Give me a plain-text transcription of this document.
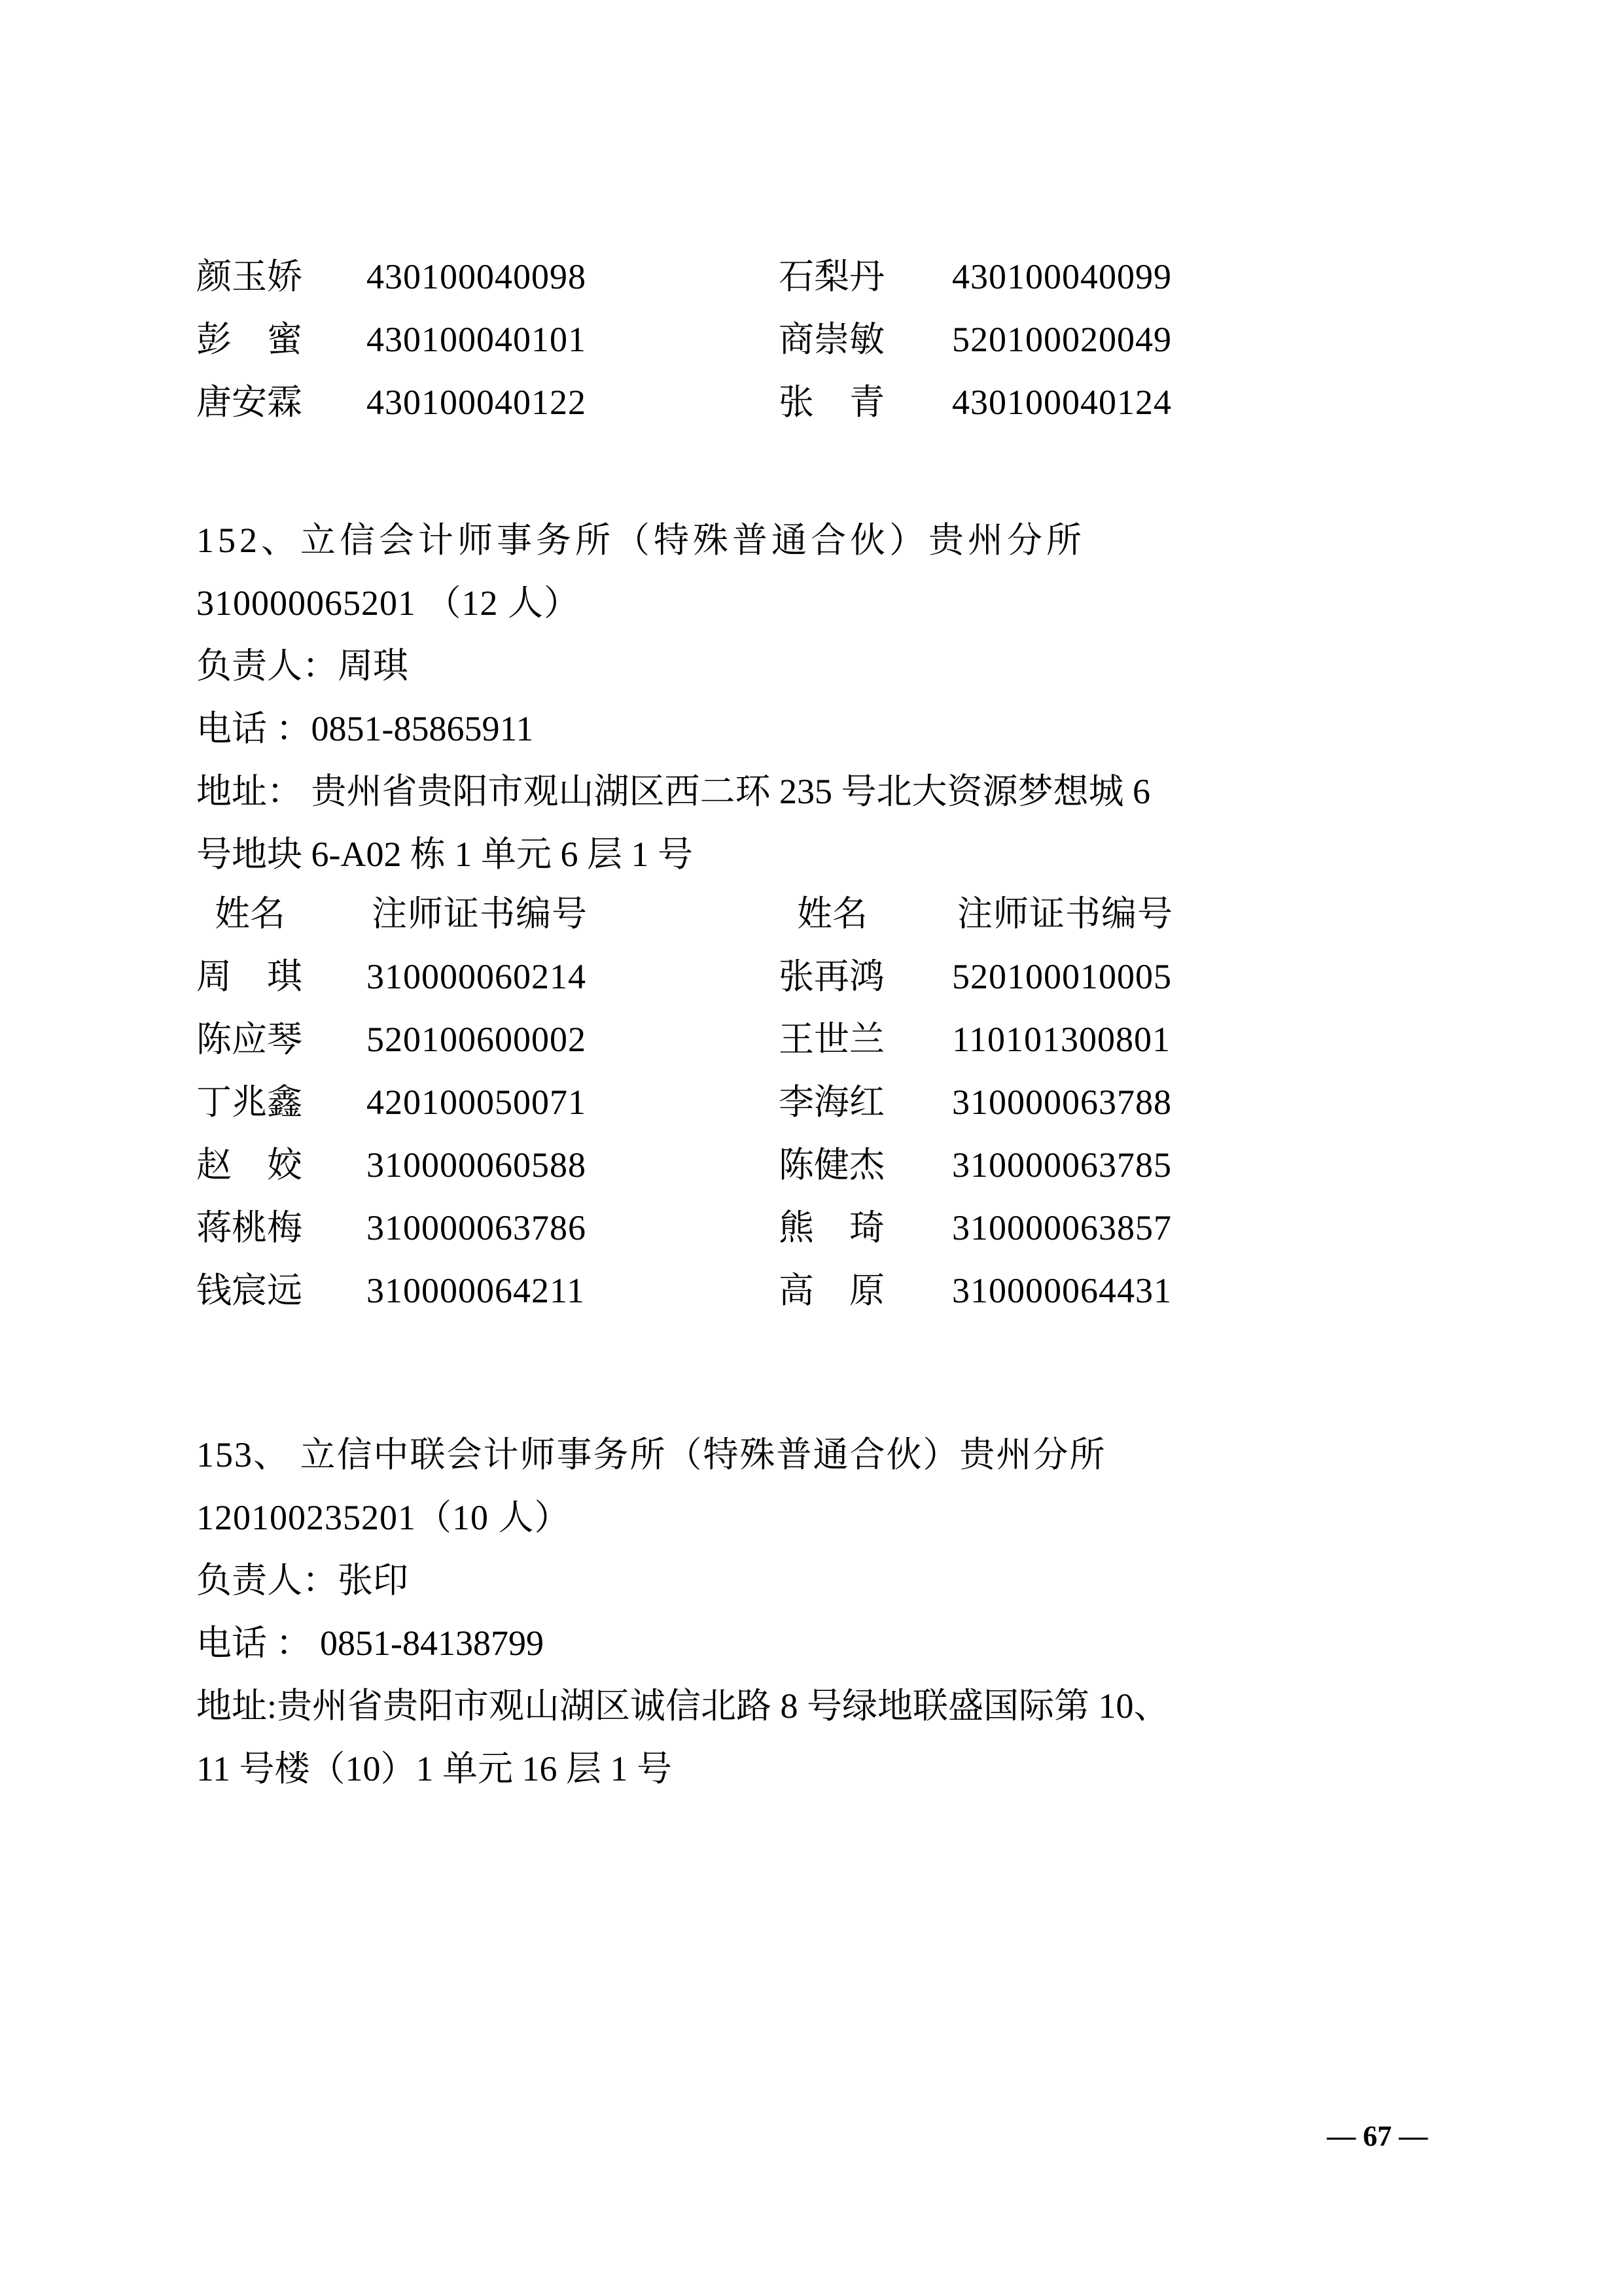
颜玉娇	430100040098	石梨丹	430100040099
彭　蜜	430100040101	商崇敏	520100020049
唐安霖	430100040122	张　青	430100040124
152、立信会计师事务所（特殊普通合伙）贵州分所
310000065201 （12 人）
负责人：周琪
电话 ：0851-85865911
地址： 贵州省贵阳市观山湖区西二环 235 号北大资源梦想城 6
号地块 6-A02 栋 1 单元 6 层 1 号
姓名	注师证书编号	姓名	注师证书编号
周　琪	310000060214	张再鸿	520100010005
陈应琴	520100600002	王世兰	110101300801
丁兆鑫	420100050071	李海红	310000063788
赵　姣	310000060588	陈健杰	310000063785
蒋桃梅	310000063786	熊　琦	310000063857
钱宸远	310000064211	高　原	310000064431
153、 立信中联会计师事务所（特殊普通合伙）贵州分所
120100235201（10 人）
负责人：张印
电话 ： 0851-84138799
地址:贵州省贵阳市观山湖区诚信北路 8 号绿地联盛国际第 10、
11 号楼（10）1 单元 16 层 1 号
— 67 —
